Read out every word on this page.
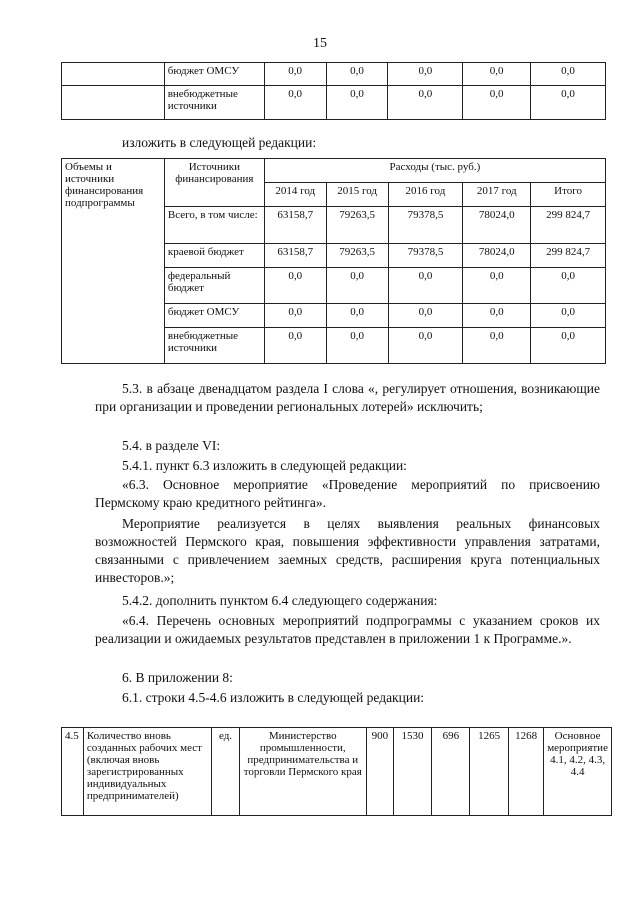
15
	бюджет ОМСУ	0,0	0,0	0,0	0,0	0,0
	внебюджетные источники	0,0	0,0	0,0	0,0	0,0
изложить в следующей редакции:
Объемы и источники финансирования подпрограммы	Источники финансирования	Расходы (тыс. руб.)				
		2014 год	2015 год	2016 год	2017 год	Итого
	Всего, в том числе:	63158,7	79263,5	79378,5	78024,0	299 824,7
	краевой бюджет	63158,7	79263,5	79378,5	78024,0	299 824,7
	федеральный бюджет	0,0	0,0	0,0	0,0	0,0
	бюджет ОМСУ	0,0	0,0	0,0	0,0	0,0
	внебюджетные источники	0,0	0,0	0,0	0,0	0,0
5.3. в абзаце двенадцатом раздела I слова «, регулирует отношения, возникающие при организации и проведении региональных лотерей» исключить;
5.4. в разделе VI:
5.4.1. пункт 6.3 изложить в следующей редакции:
«6.3. Основное мероприятие «Проведение мероприятий по присвоению Пермскому краю кредитного рейтинга».
Мероприятие реализуется в целях выявления реальных финансовых возможностей Пермского края, повышения эффективности управления затратами, связанными с привлечением заемных средств, расширения круга потенциальных инвесторов.»;
5.4.2. дополнить пунктом 6.4 следующего содержания:
«6.4. Перечень основных мероприятий подпрограммы с указанием сроков их реализации и ожидаемых результатов представлен в приложении 1 к Программе.».
6. В приложении 8:
6.1. строки 4.5-4.6 изложить в следующей редакции:
4.5	Количество вновь созданных рабочих мест (включая вновь зарегистрированных индивидуальных предпринимателей)	ед.	Министерство промышленности, предпринимательства и торговли Пермского края	900	1530	696	1265	1268	Основное мероприятие 4.1, 4.2, 4.3, 4.4
